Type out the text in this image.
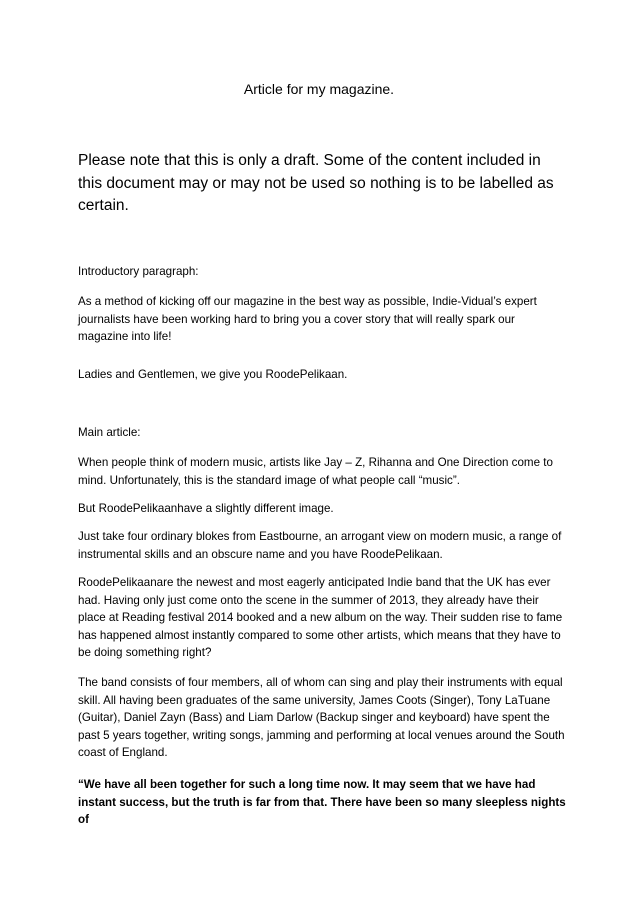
Article for my magazine.
Please note that this is only a draft. Some of the content included in this document may or may not be used so nothing is to be labelled as certain.
Introductory paragraph:
As a method of kicking off our magazine in the best way as possible, Indie-Vidual’s expert journalists have been working hard to bring you a cover story that will really spark our magazine into life!
Ladies and Gentlemen, we give you RoodePelikaan.
Main article:
When people think of modern music, artists like Jay – Z, Rihanna and One Direction come to mind. Unfortunately, this is the standard image of what people call “music”.
But RoodePelikaanhave a slightly different image.
Just take four ordinary blokes from Eastbourne, an arrogant view on modern music, a range of instrumental skills and an obscure name and you have RoodePelikaan.
RoodePelikaanare the newest and most eagerly anticipated Indie band that the UK has ever had. Having only just come onto the scene in the summer of 2013, they already have their place at Reading festival 2014 booked and a new album on the way. Their sudden rise to fame has happened almost instantly compared to some other artists, which means that they have to be doing something right?
The band consists of four members, all of whom can sing and play their instruments with equal skill. All having been graduates of the same university, James Coots (Singer), Tony LaTuane (Guitar), Daniel Zayn (Bass) and Liam Darlow (Backup singer and keyboard) have spent the past 5 years together, writing songs, jamming and performing at local venues around the South coast of England.
“We have all been together for such a long time now. It may seem that we have had instant success, but the truth is far from that. There have been so many sleepless nights of
